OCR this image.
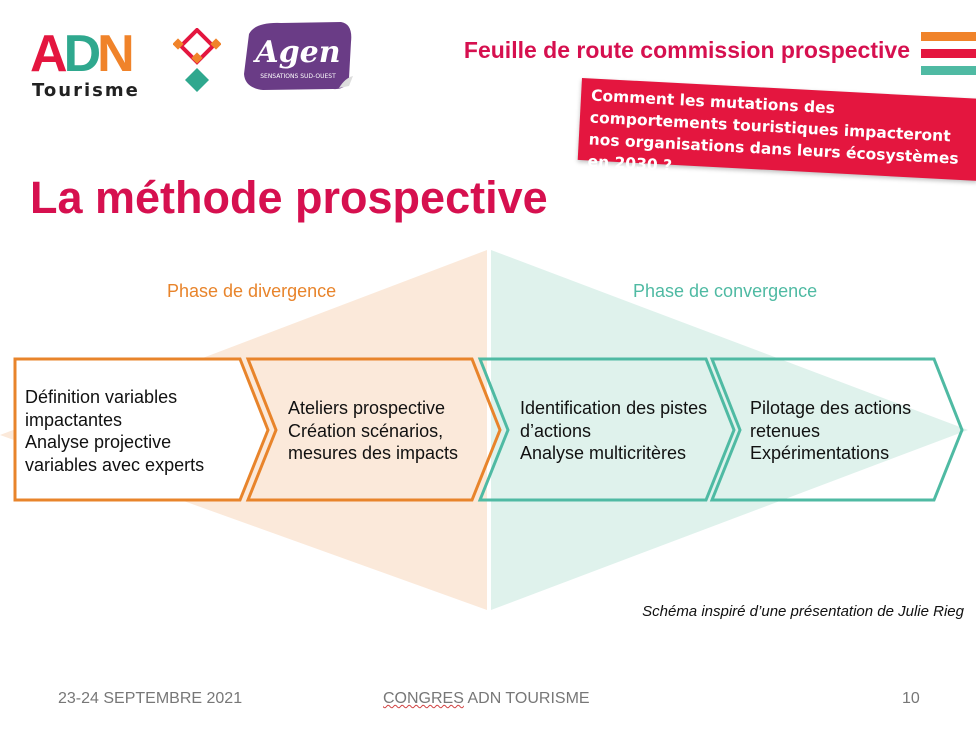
ADN
Tourisme
Agen
SENSATIONS SUD-OUEST
Feuille de route commission prospective
Comment les mutations des comportements touristiques impacteront nos organisations dans leurs écosystèmes en 2030 ?
La méthode prospective
Phase de divergence	Phase de convergence
Définition variables impactantes
Analyse projective variables avec experts
Ateliers prospective
Création scénarios, mesures des impacts
Identification des pistes d’actions
Analyse multicritères
Pilotage des actions retenues
Expérimentations
Schéma inspiré d’une présentation de Julie Rieg
23-24 SEPTEMBRE 2021	CONGRES ADN TOURISME	10
